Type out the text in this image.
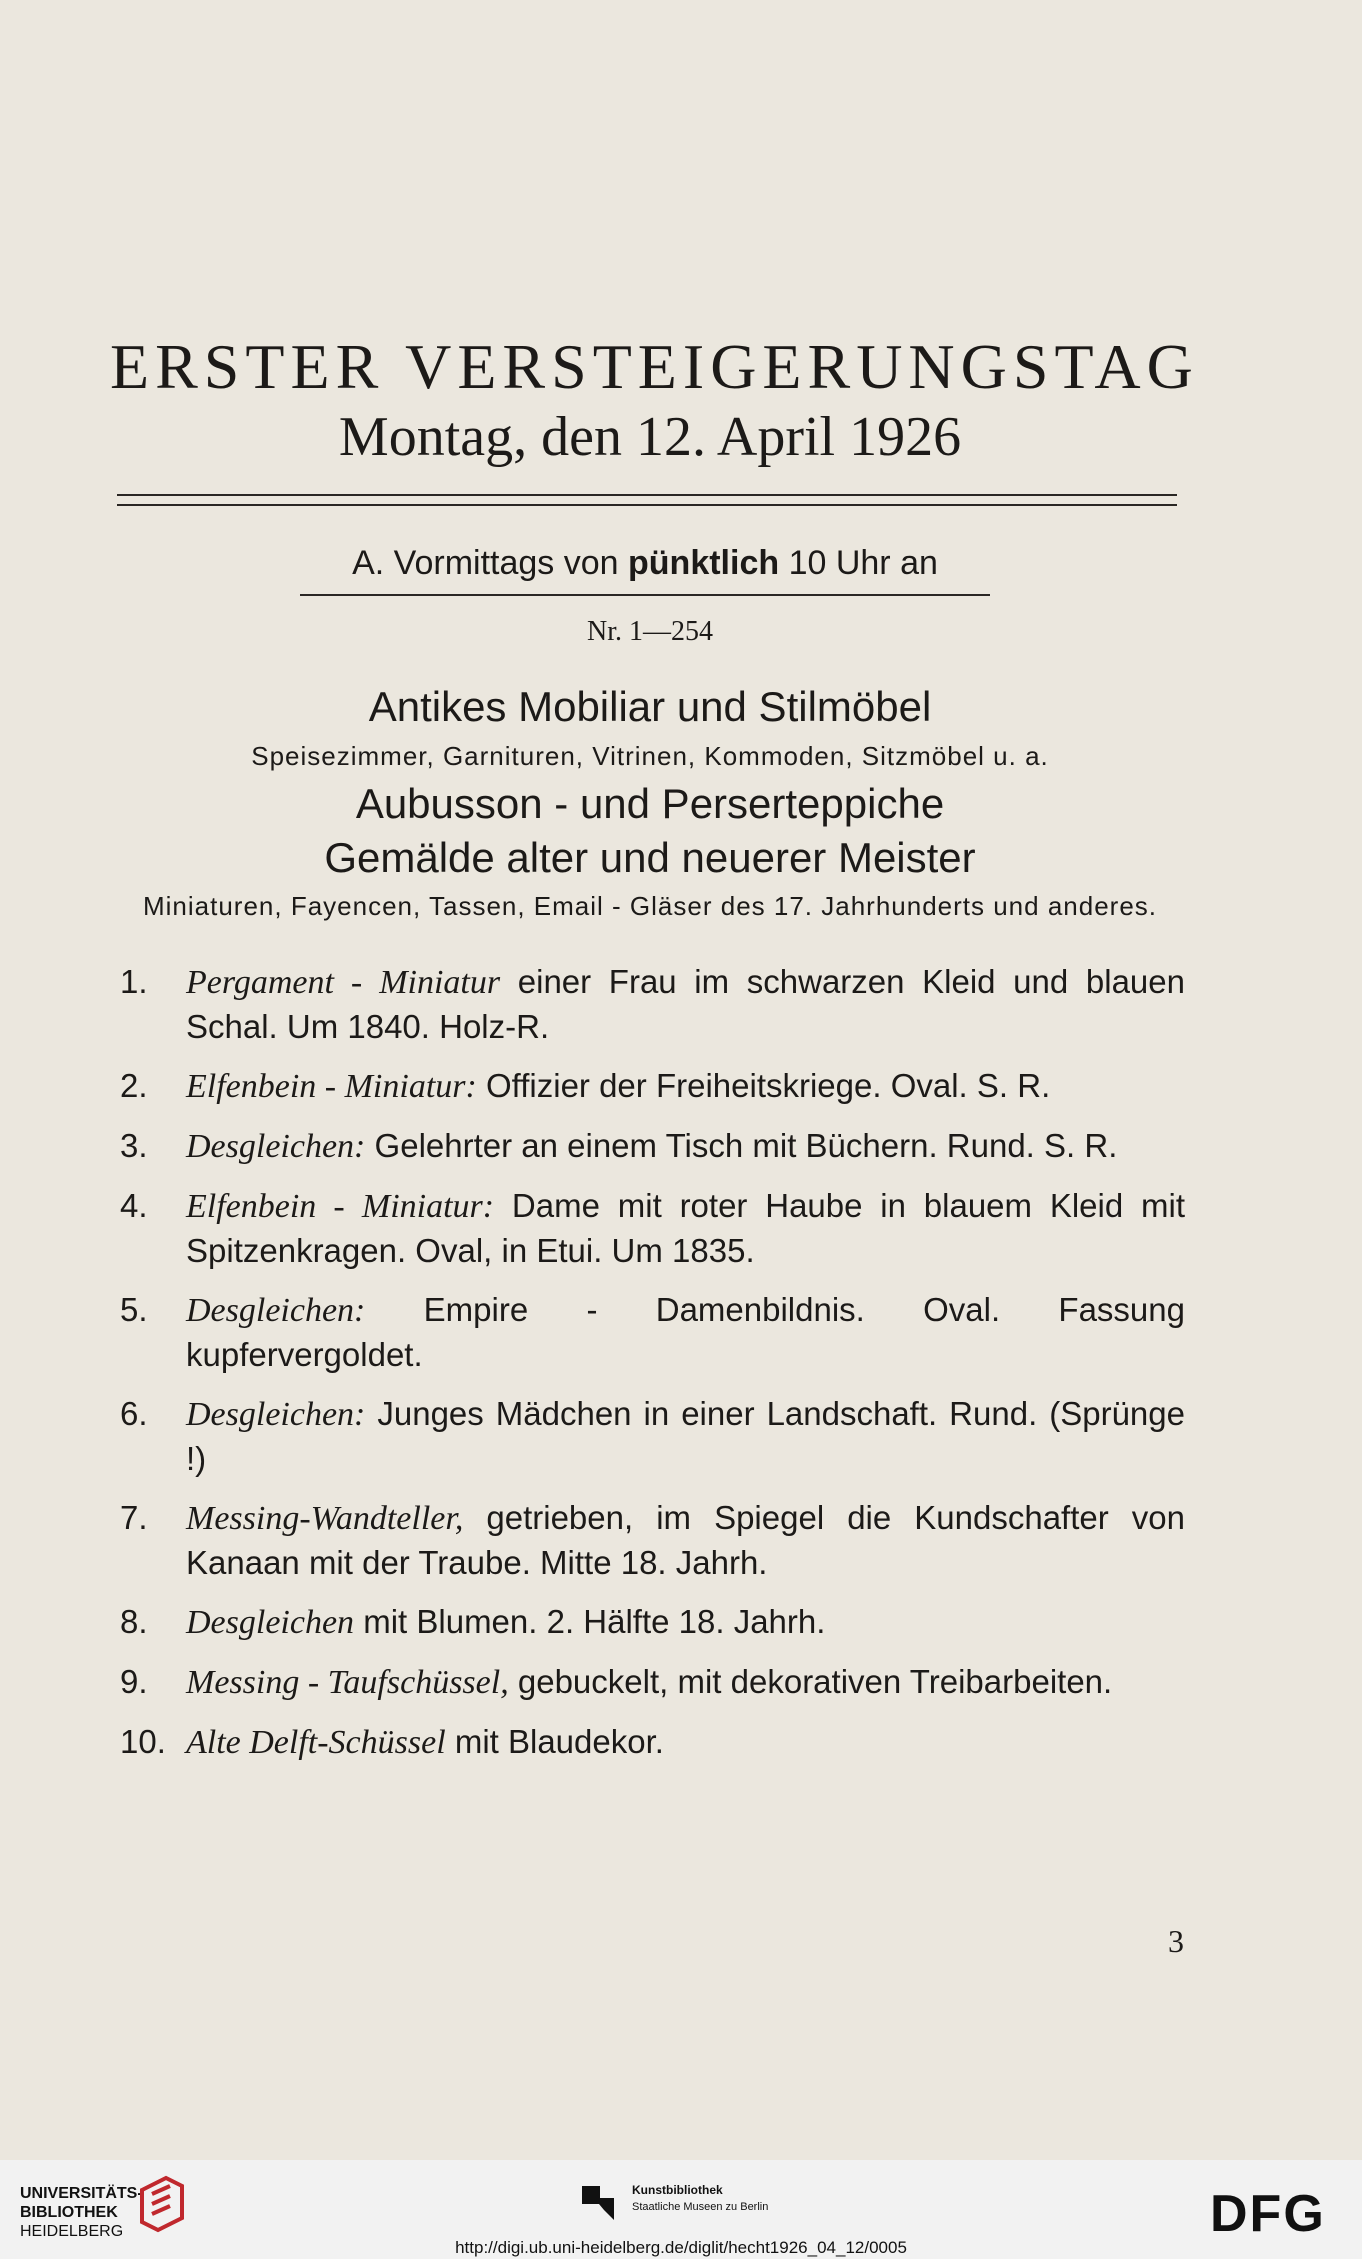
ERSTER VERSTEIGERUNGSTAG
Montag, den 12. April 1926
A. Vormittags von pünktlich 10 Uhr an
Nr. 1—254
Antikes Mobiliar und Stilmöbel
Speisezimmer, Garnituren, Vitrinen, Kommoden, Sitzmöbel u. a.
Aubusson - und Perserteppiche
Gemälde alter und neuerer Meister
Miniaturen, Fayencen, Tassen, Email - Gläser des 17. Jahrhunderts und anderes.
1.	Pergament - Miniatur einer Frau im schwarzen Kleid und blauen Schal. Um 1840. Holz-R.
2.	Elfenbein - Miniatur: Offizier der Freiheitskriege. Oval. S. R.
3.	Desgleichen: Gelehrter an einem Tisch mit Büchern. Rund. S. R.
4.	Elfenbein - Miniatur: Dame mit roter Haube in blauem Kleid mit Spitzenkragen. Oval, in Etui. Um 1835.
5.	Desgleichen: Empire - Damenbildnis. Oval. Fassung kupfervergoldet.
6.	Desgleichen: Junges Mädchen in einer Landschaft. Rund. (Sprünge !)
7.	Messing-Wandteller, getrieben, im Spiegel die Kundschafter von Kanaan mit der Traube. Mitte 18. Jahrh.
8.	Desgleichen mit Blumen. 2. Hälfte 18. Jahrh.
9.	Messing - Taufschüssel, gebuckelt, mit dekorativen Treibarbeiten.
10. Alte Delft-Schüssel mit Blaudekor.
3
UNIVERSITÄTS-
BIBLIOTHEK
HEIDELBERG
Kunstbibliothek
Staatliche Museen zu Berlin	DFG
http://digi.ub.uni-heidelberg.de/diglit/hecht1926_04_12/0005
